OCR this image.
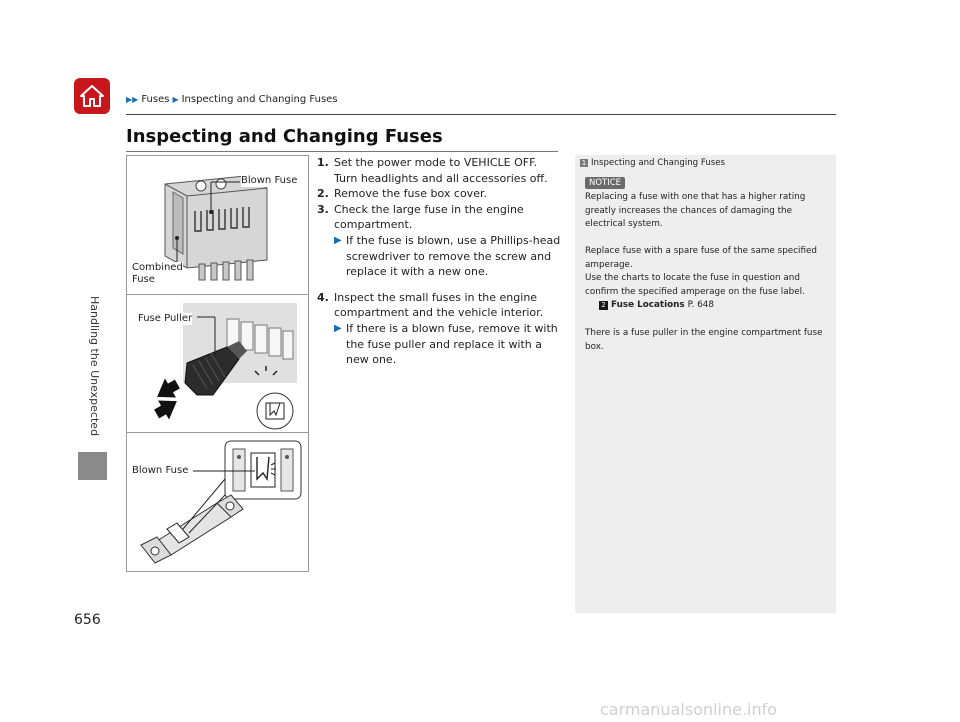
▶▶ Fuses ▶ Inspecting and Changing Fuses
Inspecting and Changing Fuses
Handling the Unexpected
Blown Fuse
Combined
Fuse
Fuse Puller
Blown Fuse
1. Set the power mode to VEHICLE OFF. Turn headlights and all accessories off.
2. Remove the fuse box cover.
3. Check the large fuse in the engine compartment.
▶ If the fuse is blown, use a Phillips-head screwdriver to remove the screw and replace it with a new one.
4. Inspect the small fuses in the engine compartment and the vehicle interior.
▶ If there is a blown fuse, remove it with the fuse puller and replace it with a new one.
1 Inspecting and Changing Fuses
NOTICE
Replacing a fuse with one that has a higher rating greatly increases the chances of damaging the electrical system.
Replace fuse with a spare fuse of the same specified amperage.
Use the charts to locate the fuse in question and confirm the specified amperage on the fuse label.
2 Fuse Locations P. 648
There is a fuse puller in the engine compartment fuse box.
656
carmanualsonline.info
